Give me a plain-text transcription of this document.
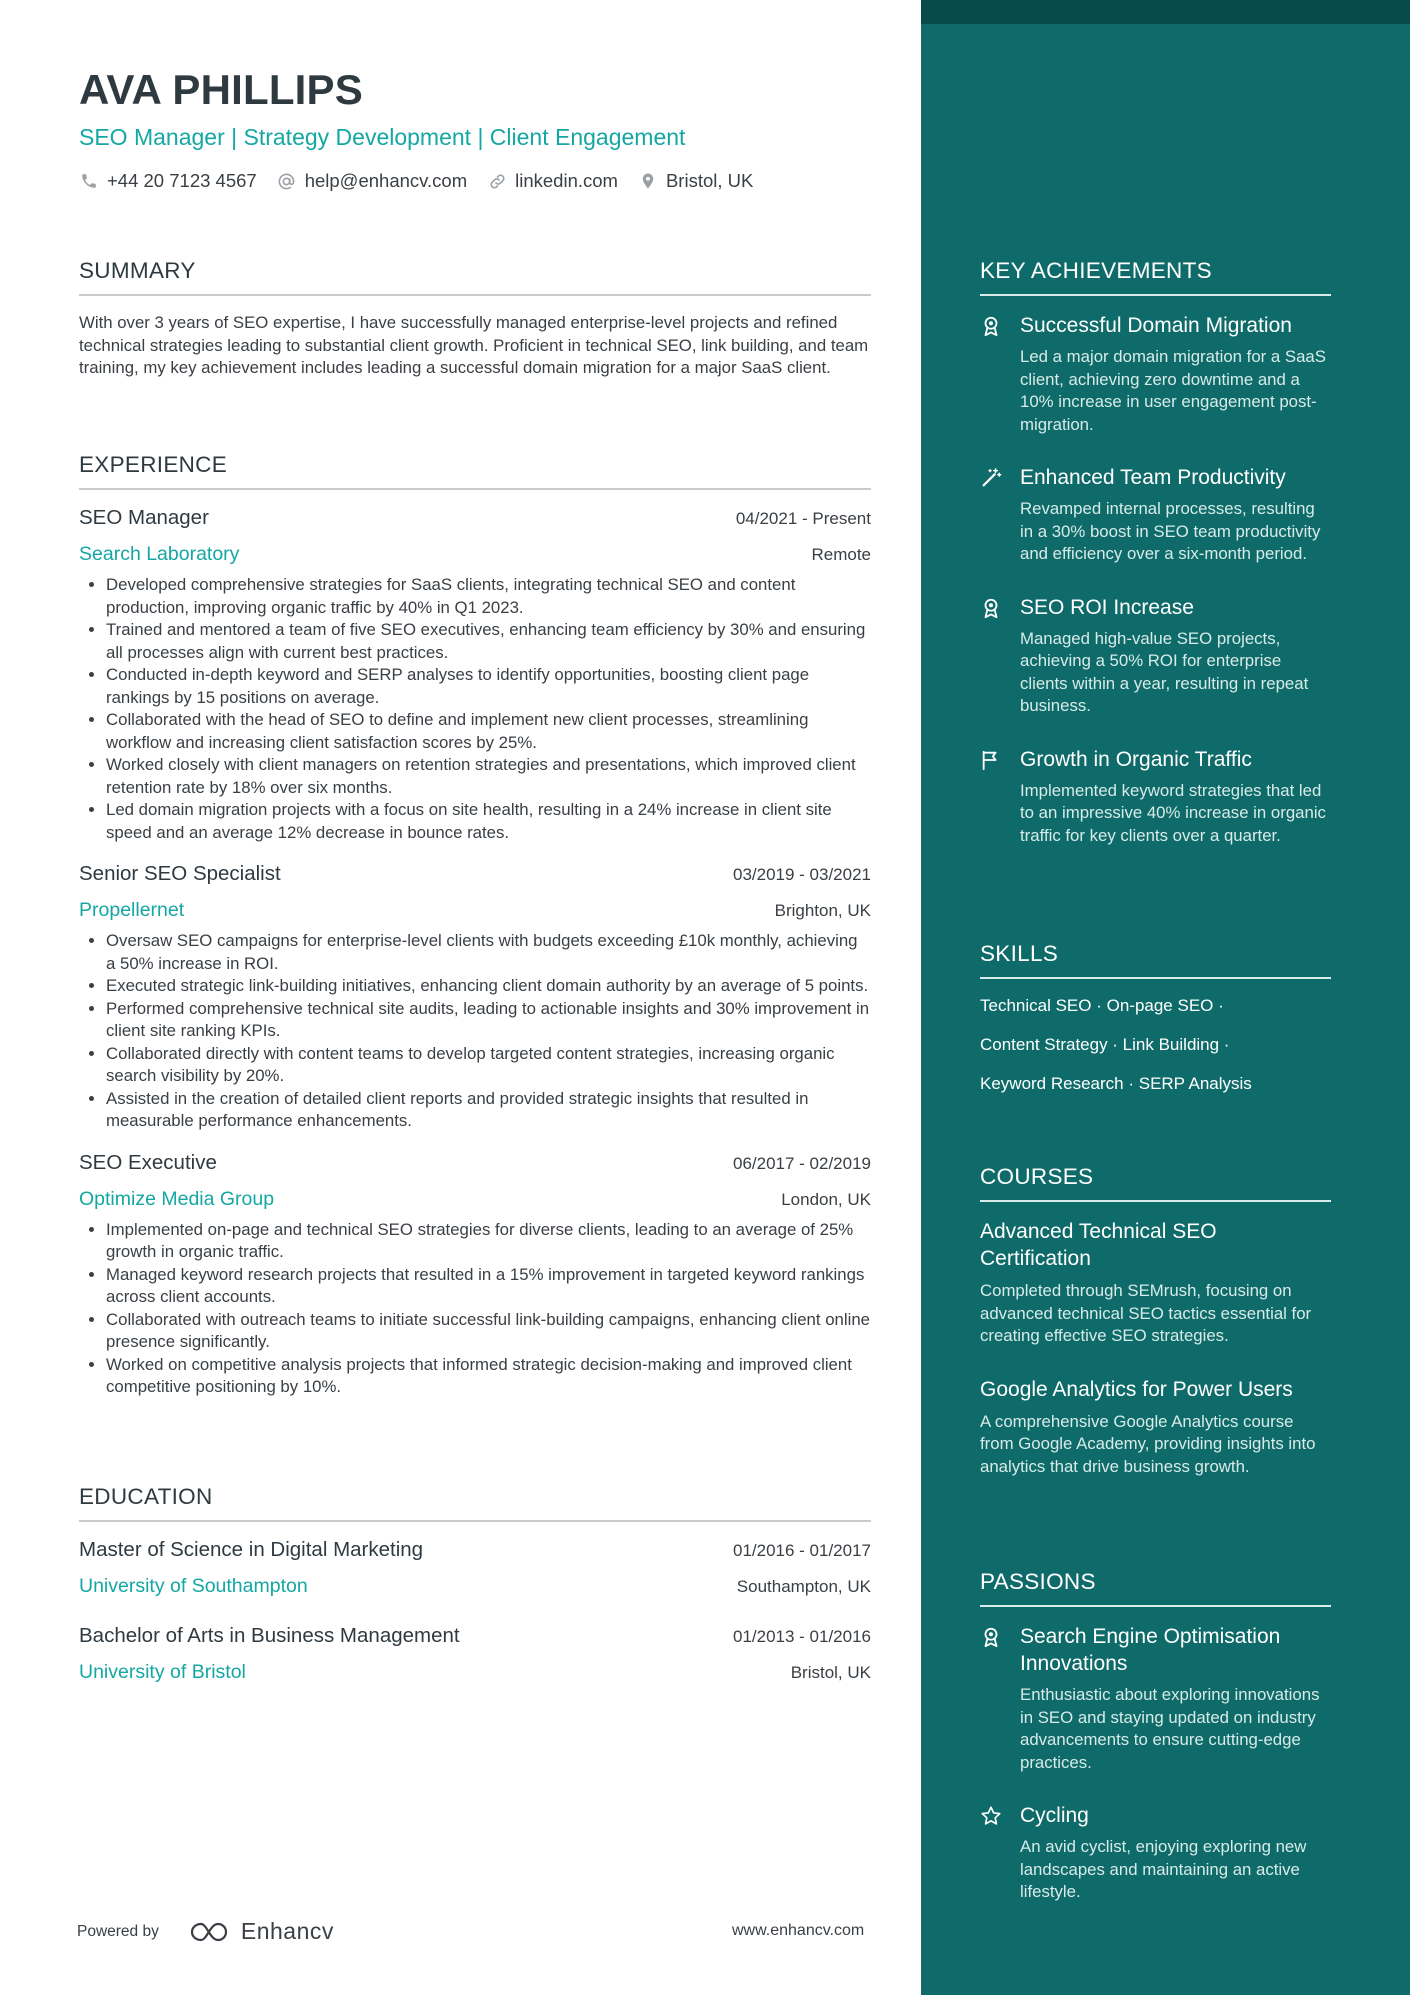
AVA PHILLIPS
SEO Manager | Strategy Development | Client Engagement
+44 20 7123 4567	help@enhancv.com	linkedin.com	Bristol, UK
SUMMARY

With over 3 years of SEO expertise, I have successfully managed enterprise-level projects and refined technical strategies leading to substantial client growth. Proficient in technical SEO, link building, and team training, my key achievement includes leading a successful domain migration for a major SaaS client.

EXPERIENCE
SEO Manager	04/2021 - Present
Search Laboratory	Remote
• Developed comprehensive strategies for SaaS clients, integrating technical SEO and content production, improving organic traffic by 40% in Q1 2023.
• Trained and mentored a team of five SEO executives, enhancing team efficiency by 30% and ensuring all processes align with current best practices.
• Conducted in-depth keyword and SERP analyses to identify opportunities, boosting client page rankings by 15 positions on average.
• Collaborated with the head of SEO to define and implement new client processes, streamlining workflow and increasing client satisfaction scores by 25%.
• Worked closely with client managers on retention strategies and presentations, which improved client retention rate by 18% over six months.
• Led domain migration projects with a focus on site health, resulting in a 24% increase in client site speed and an average 12% decrease in bounce rates.
Senior SEO Specialist	03/2019 - 03/2021
Propellernet	Brighton, UK
• Oversaw SEO campaigns for enterprise-level clients with budgets exceeding £10k monthly, achieving a 50% increase in ROI.
• Executed strategic link-building initiatives, enhancing client domain authority by an average of 5 points.
• Performed comprehensive technical site audits, leading to actionable insights and 30% improvement in client site ranking KPIs.
• Collaborated directly with content teams to develop targeted content strategies, increasing organic search visibility by 20%.
• Assisted in the creation of detailed client reports and provided strategic insights that resulted in measurable performance enhancements.
SEO Executive	06/2017 - 02/2019
Optimize Media Group	London, UK
• Implemented on-page and technical SEO strategies for diverse clients, leading to an average of 25% growth in organic traffic.
• Managed keyword research projects that resulted in a 15% improvement in targeted keyword rankings across client accounts.
• Collaborated with outreach teams to initiate successful link-building campaigns, enhancing client online presence significantly.
• Worked on competitive analysis projects that informed strategic decision-making and improved client competitive positioning by 10%.
EDUCATION
Master of Science in Digital Marketing	01/2016 - 01/2017
University of Southampton	Southampton, UK
Bachelor of Arts in Business Management	01/2013 - 01/2016
University of Bristol	Bristol, UK
Powered by	Enhancv	www.enhancv.com
KEY ACHIEVEMENTS
Successful Domain Migration
Led a major domain migration for a SaaS client, achieving zero downtime and a 10% increase in user engagement post-migration.
Enhanced Team Productivity
Revamped internal processes, resulting in a 30% boost in SEO team productivity and efficiency over a six-month period.
SEO ROI Increase
Managed high-value SEO projects, achieving a 50% ROI for enterprise clients within a year, resulting in repeat business.
Growth in Organic Traffic
Implemented keyword strategies that led to an impressive 40% increase in organic traffic for key clients over a quarter.
SKILLS
Technical SEO · On-page SEO ·
Content Strategy · Link Building ·
Keyword Research · SERP Analysis
COURSES
Advanced Technical SEO Certification
Completed through SEMrush, focusing on advanced technical SEO tactics essential for creating effective SEO strategies.
Google Analytics for Power Users
A comprehensive Google Analytics course from Google Academy, providing insights into analytics that drive business growth.
PASSIONS
Search Engine Optimisation Innovations
Enthusiastic about exploring innovations in SEO and staying updated on industry advancements to ensure cutting-edge practices.
Cycling
An avid cyclist, enjoying exploring new landscapes and maintaining an active lifestyle.
